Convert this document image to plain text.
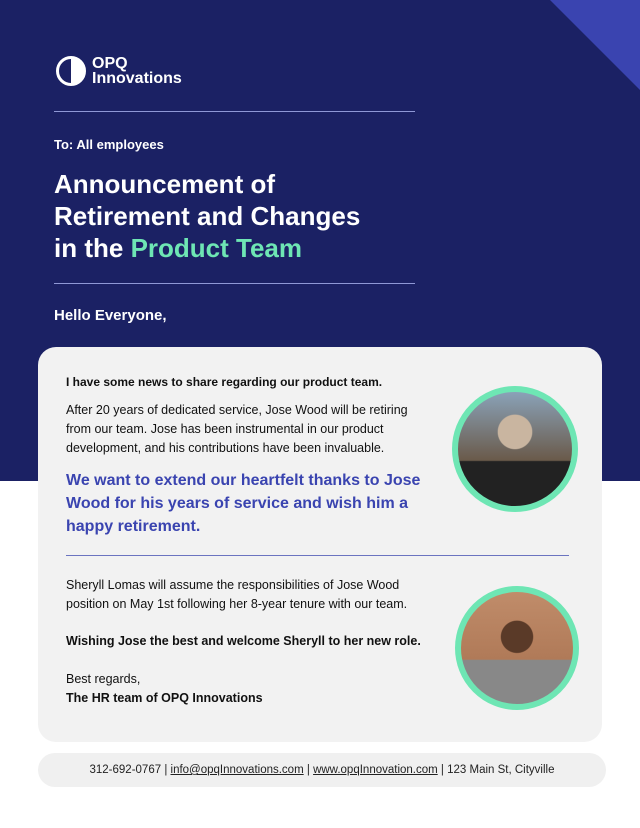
OPQ
Innovations
To: All employees
Announcement of
Retirement and Changes
in the Product Team
Hello Everyone,
I have some news to share regarding our product team.
After 20 years of dedicated service, Jose Wood will be retiring from our team. Jose has been instrumental in our product development, and his contributions have been invaluable.
We want to extend our heartfelt thanks to Jose Wood for his years of service and wish him a happy retirement.
Sheryll Lomas will assume the responsibilities of Jose Wood position on May 1st following her 8-year tenure with our team.
Wishing Jose the best and welcome Sheryll to her new role.
Best regards,
The HR team of OPQ Innovations
312-692-0767 | info@opqInnovations.com | www.opqInnovation.com | 123 Main St, Cityville
